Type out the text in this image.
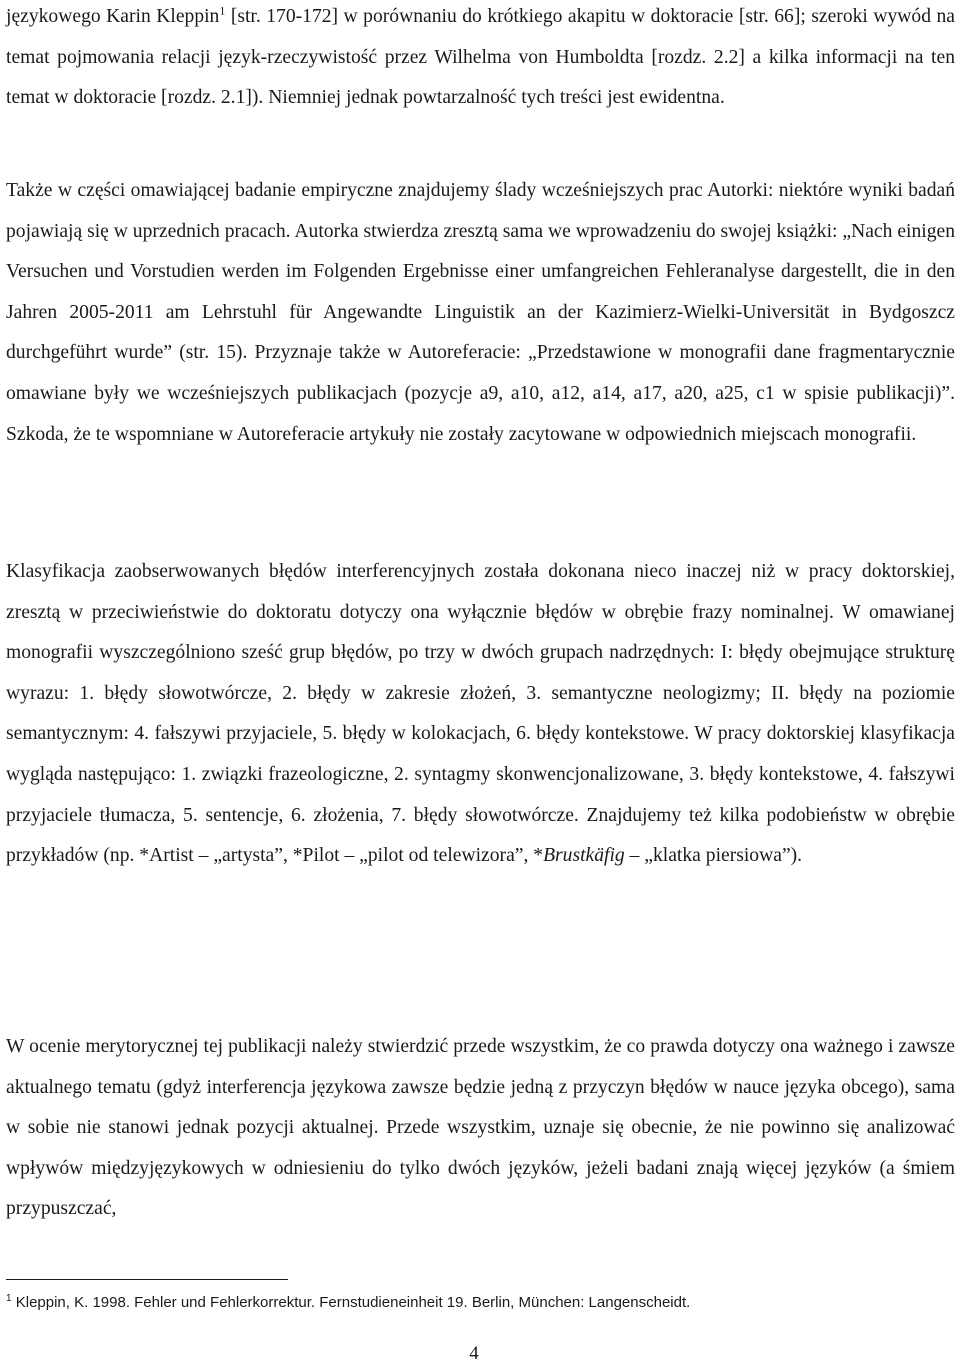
językowego Karin Kleppin$^1$ [str. 170-172] w porównaniu do krótkiego akapitu w doktoracie [str. 66]; szeroki wywód na temat pojmowania relacji język-rzeczywistość przez Wilhelma von Humboldta [rozdz. 2.2] a kilka informacji na ten temat w doktoracie [rozdz. 2.1]). Niemniej jednak powtarzalność tych treści jest ewidentna.

Także w części omawiającej badanie empiryczne znajdujemy ślady wcześniejszych prac Autorki: niektóre wyniki badań pojawiają się w uprzednich pracach. Autorka stwierdza zresztą sama we wprowadzeniu do swojej książki: „Nach einigen Versuchen und Vorstudien werden im Folgenden Ergebnisse einer umfangreichen Fehleranalyse dargestellt, die in den Jahren 2005-2011 am Lehrstuhl für Angewandte Linguistik an der Kazimierz-Wielki-Universität in Bydgoszcz durchgeführt wurde” (str. 15). Przyznaje także w Autoreferacie: „Przedstawione w monografii dane fragmentarycznie omawiane były we wcześniejszych publikacjach (pozycje a9, a10, a12, a14, a17, a20, a25, c1 w spisie publikacji)”. Szkoda, że te wspomniane w Autoreferacie artykuły nie zostały zacytowane w odpowiednich miejscach monografii.

Klasyfikacja zaobserwowanych błędów interferencyjnych została dokonana nieco inaczej niż w pracy doktorskiej, zresztą w przeciwieństwie do doktoratu dotyczy ona wyłącznie błędów w obrębie frazy nominalnej. W omawianej monografii wyszczególniono sześć grup błędów, po trzy w dwóch grupach nadrzędnych: I: błędy obejmujące strukturę wyrazu: 1. błędy słowotwórcze, 2. błędy w zakresie złożeń, 3. semantyczne neologizmy; II. błędy na poziomie semantycznym: 4. fałszywi przyjaciele, 5. błędy w kolokacjach, 6. błędy kontekstowe. W pracy doktorskiej klasyfikacja wygląda następująco: 1. związki frazeologiczne, 2. syntagmy skonwencjonalizowane, 3. błędy kontekstowe, 4. fałszywi przyjaciele tłumacza, 5. sentencje, 6. złożenia, 7. błędy słowotwórcze. Znajdujemy też kilka podobieństw w obrębie przykładów (np. *Artist – „artysta”, *Pilot – „pilot od telewizora”, *Brustkäfig – „klatka piersiowa”).

W ocenie merytorycznej tej publikacji należy stwierdzić przede wszystkim, że co prawda dotyczy ona ważnego i zawsze aktualnego tematu (gdyż interferencja językowa zawsze będzie jedną z przyczyn błędów w nauce języka obcego), sama w sobie nie stanowi jednak pozycji aktualnej. Przede wszystkim, uznaje się obecnie, że nie powinno się analizować wpływów międzyjęzykowych w odniesieniu do tylko dwóch języków, jeżeli badani znają więcej języków (a śmiem przypuszczać,

$^1$ Kleppin, K. 1998. Fehler und Fehlerkorrektur. Fernstudieneinheit 19. Berlin, München: Langenscheidt.
4
